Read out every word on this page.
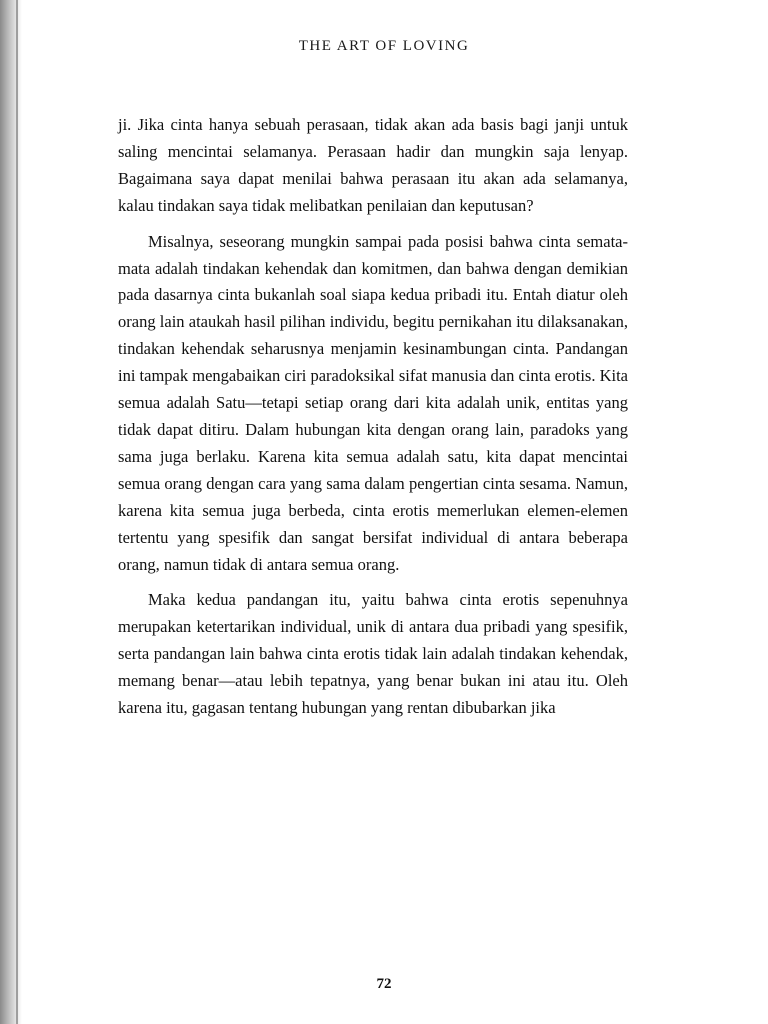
THE ART OF LOVING

ji. Jika cinta hanya sebuah perasaan, tidak akan ada basis bagi janji untuk saling mencintai selamanya. Perasaan hadir dan mungkin saja lenyap. Bagaimana saya dapat menilai bahwa perasaan itu akan ada selamanya, kalau tindakan saya tidak melibatkan penilaian dan keputusan?

Misalnya, seseorang mungkin sampai pada posisi bahwa cinta semata-mata adalah tindakan kehendak dan komitmen, dan bahwa dengan demikian pada dasarnya cinta bukanlah soal siapa kedua pribadi itu. Entah diatur oleh orang lain ataukah hasil pilihan individu, begitu pernikahan itu dilaksanakan, tindakan kehendak seharusnya menjamin kesinambungan cinta. Pandangan ini tampak mengabaikan ciri paradoksikal sifat manusia dan cinta erotis. Kita semua adalah Satu—tetapi setiap orang dari kita adalah unik, entitas yang tidak dapat ditiru. Dalam hubungan kita dengan orang lain, paradoks yang sama juga berlaku. Karena kita semua adalah satu, kita dapat mencintai semua orang dengan cara yang sama dalam pengertian cinta sesama. Namun, karena kita semua juga berbeda, cinta erotis memerlukan elemen-elemen tertentu yang spesifik dan sangat bersifat individual di antara beberapa orang, namun tidak di antara semua orang.

Maka kedua pandangan itu, yaitu bahwa cinta erotis sepenuhnya merupakan ketertarikan individual, unik di antara dua pribadi yang spesifik, serta pandangan lain bahwa cinta erotis tidak lain adalah tindakan kehendak, memang benar—atau lebih tepatnya, yang benar bukan ini atau itu. Oleh karena itu, gagasan tentang hubungan yang rentan dibubarkan jika

72
